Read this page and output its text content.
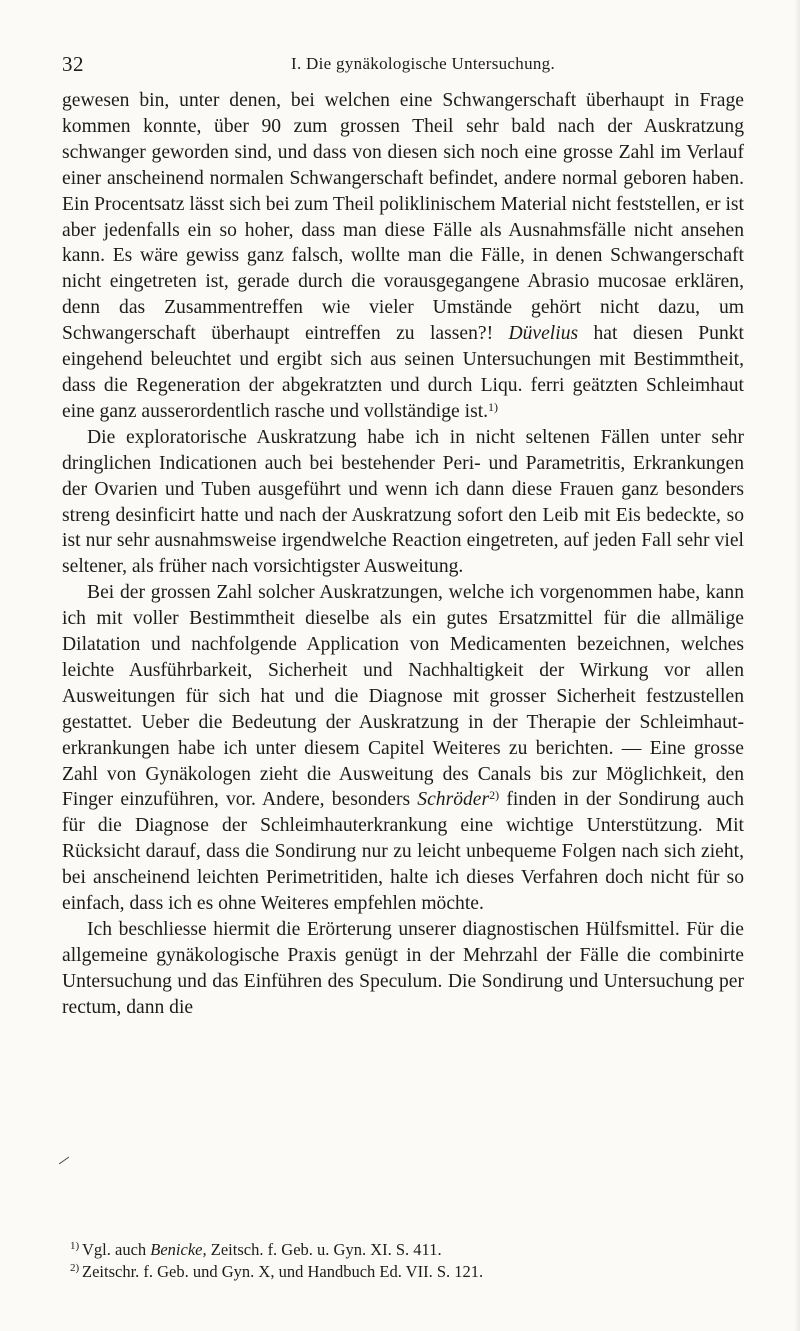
32	I. Die gynäkologische Untersuchung.

gewesen bin, unter denen, bei welchen eine Schwangerschaft überhaupt in Frage kommen konnte, über 90 zum grossen Theil sehr bald nach der Auskratzung schwanger geworden sind, und dass von diesen sich noch eine grosse Zahl im Verlauf einer anscheinend normalen Schwangerschaft befindet, andere normal geboren haben. Ein Procentsatz lässt sich bei zum Theil poliklinischem Material nicht feststellen, er ist aber jedenfalls ein so hoher, dass man diese Fälle als Ausnahmsfälle nicht ansehen kann. Es wäre gewiss ganz falsch, wollte man die Fälle, in denen Schwangerschaft nicht eingetreten ist, gerade durch die vorausgegangene Abrasio mucosae erklären, denn das Zusammentreffen wie vieler Umstände gehört nicht dazu, um Schwangerschaft überhaupt eintreffen zu lassen?! Düvelius hat diesen Punkt eingehend beleuchtet und ergibt sich aus seinen Untersuchungen mit Bestimmtheit, dass die Regeneration der abgekratzten und durch Liqu. ferri geätzten Schleimhaut eine ganz ausserordentlich rasche und vollständige ist.$^{1)}$

Die exploratorische Auskratzung habe ich in nicht seltenen Fällen unter sehr dringlichen Indicationen auch bei bestehender Peri- und Parametritis, Erkrankungen der Ovarien und Tuben ausgeführt und wenn ich dann diese Frauen ganz besonders streng desinficirt hatte und nach der Auskratzung sofort den Leib mit Eis bedeckte, so ist nur sehr ausnahmsweise irgendwelche Reaction eingetreten, auf jeden Fall sehr viel seltener, als früher nach vorsichtigster Ausweitung.

Bei der grossen Zahl solcher Auskratzungen, welche ich vorgenommen habe, kann ich mit voller Bestimmtheit dieselbe als ein gutes Ersatzmittel für die allmälige Dilatation und nachfolgende Application von Medicamenten bezeichnen, welches leichte Ausführbarkeit, Sicherheit und Nachhaltigkeit der Wirkung vor allen Ausweitungen für sich hat und die Diagnose mit grosser Sicherheit festzustellen gestattet. Ueber die Bedeutung der Auskratzung in der Therapie der Schleimhauterkrankungen habe ich unter diesem Capitel Weiteres zu berichten. — Eine grosse Zahl von Gynäkologen zieht die Ausweitung des Canals bis zur Möglichkeit, den Finger einzuführen, vor. Andere, besonders Schröder$^{2)}$ finden in der Sondirung auch für die Diagnose der Schleimhauterkrankung eine wichtige Unterstützung. Mit Rücksicht darauf, dass die Sondirung nur zu leicht unbequeme Folgen nach sich zieht, bei anscheinend leichten Perimetritiden, halte ich dieses Verfahren doch nicht für so einfach, dass ich es ohne Weiteres empfehlen möchte.

Ich beschliesse hiermit die Erörterung unserer diagnostischen Hülfsmittel. Für die allgemeine gynäkologische Praxis genügt in der Mehrzahl der Fälle die combinirte Untersuchung und das Einführen des Speculum. Die Sondirung und Untersuchung per rectum, dann die

1) Vgl. auch Benicke, Zeitsch. f. Geb. u. Gyn. XI. S. 411.
2) Zeitschr. f. Geb. und Gyn. X, und Handbuch Ed. VII. S. 121.
